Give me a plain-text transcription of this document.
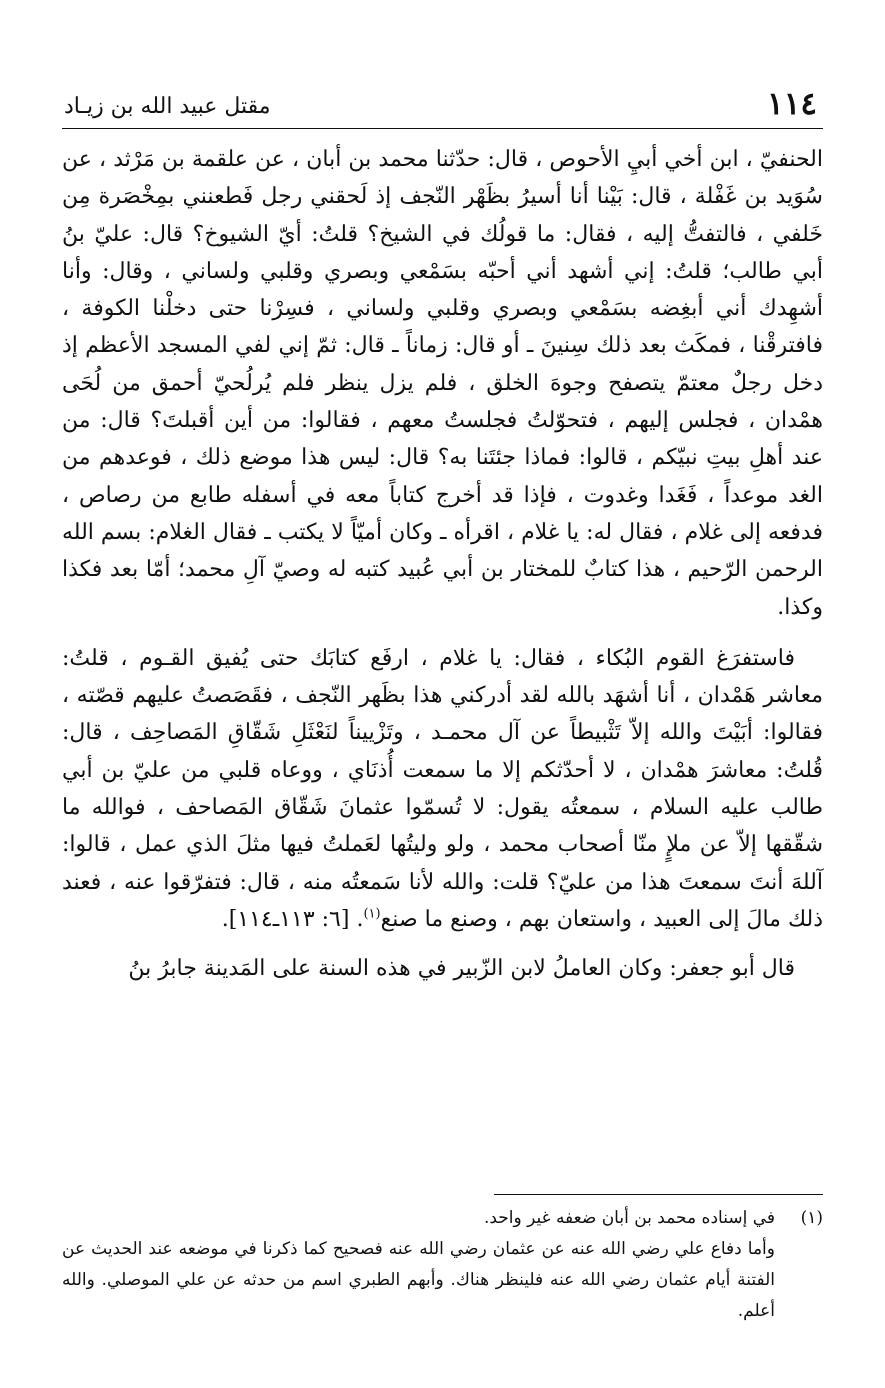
١١٤
مقتل عبيد الله بن زيـاد

الحنفيّ ، ابن أخي أبيِ الأحوص ، قال: حدّثنا محمد بن أبان ، عن علقمة بن مَرْثد ، عن سُوَيد بن غَفْلة ، قال: بَيْنا أنا أسيرُ بظَهْر النّجف إذ لَحقني رجل فَطعنني بمِخْصَرة مِن خَلفي ، فالتفتُّ إليه ، فقال: ما قولُك في الشيخ؟ قلتُ: أيّ الشيوخ؟ قال: عليّ بنُ أبي طالب؛ قلتُ: إني أشهد أني أحبّه بسَمْعي وبصري وقلبي ولساني ، وقال: وأنا أشهِدك أني أبغِضه بسَمْعي وبصري وقلبي ولساني ، فسِرْنا حتى دخلْنا الكوفة ، فافترقْنا ، فمكَث بعد ذلك سِنينَ ـ أو قال: زماناً ـ قال: ثمّ إني لفي المسجد الأعظم إذ دخل رجلٌ معتمّ يتصفح وجوهَ الخلق ، فلم يزل ينظر فلم يُرلُحيّ أحمق من لُحَى همْدان ، فجلس إليهم ، فتحوّلتُ فجلستُ معهم ، فقالوا: من أين أقبلتَ؟ قال: من عند أهلِ بيتِ نبيّكم ، قالوا: فماذا جئتَنا به؟ قال: ليس هذا موضع ذلك ، فوعدهم من الغد موعداً ، فَغَدا وغدوت ، فإذا قد أخرج كتاباً معه في أسفله طابع من رصاص ، فدفعه إلى غلام ، فقال له: يا غلام ، اقرأه ـ وكان أميّاً لا يكتب ـ فقال الغلام: بسم الله الرحمن الرّحيم ، هذا كتابٌ للمختار بن أبي عُبيد كتبه له وصيّ آلِ محمد؛ أمّا بعد فكذا وكذا.

فاستفرَغ القوم البُكاء ، فقال: يا غلام ، ارفَع كتابَك حتى يُفيق القـوم ، قلتُ: معاشر هَمْدان ، أنا أشهَد بالله لقد أدركني هذا بظَهر النّجف ، فقَصَصتُ عليهم قصّته ، فقالوا: أبَيْتَ والله إلاّ تَثْبيطاً عن آل محمـد ، وتَزْييناً لنَعْثَلِ شَقّاقِ المَصاحِف ، قال: قُلتُ: معاشرَ همْدان ، لا أحدّثكم إلا ما سمعت أُذنَاي ، ووعاه قلبي من عليّ بن أبي طالب عليه السلام ، سمعتُه يقول: لا تُسمّوا عثمانَ شَقّاق المَصاحف ، فوالله ما شقّقها إلاّ عن ملإٍ منّا أصحاب محمد ، ولو وليتُها لعَملتُ فيها مثلَ الذي عمل ، قالوا: آللهَ أنتَ سمعتَ هذا من عليّ؟ قلت: والله لأنا سَمعتُه منه ، قال: فتفرّقوا عنه ، فعند ذلك مالَ إلى العبيد ، واستعان بهم ، وصنع ما صنع$^{(١)}$. [٦: ١١٣ـ١١٤].

قال أبو جعفر: وكان العاملُ لابن الزّبير في هذه السنة على المَدينة جابرُ بنُ

(١)في إسناده محمد بن أبان ضعفه غير واحد.

وأما دفاع علي رضي الله عنه عن عثمان رضي الله عنه فصحيح كما ذكرنا في موضعه عند الحديث عن الفتنة أيام عثمان رضي الله عنه فلينظر هناك. وأبهم الطبري اسم من حدثه عن علي الموصلي. والله أعلم.
